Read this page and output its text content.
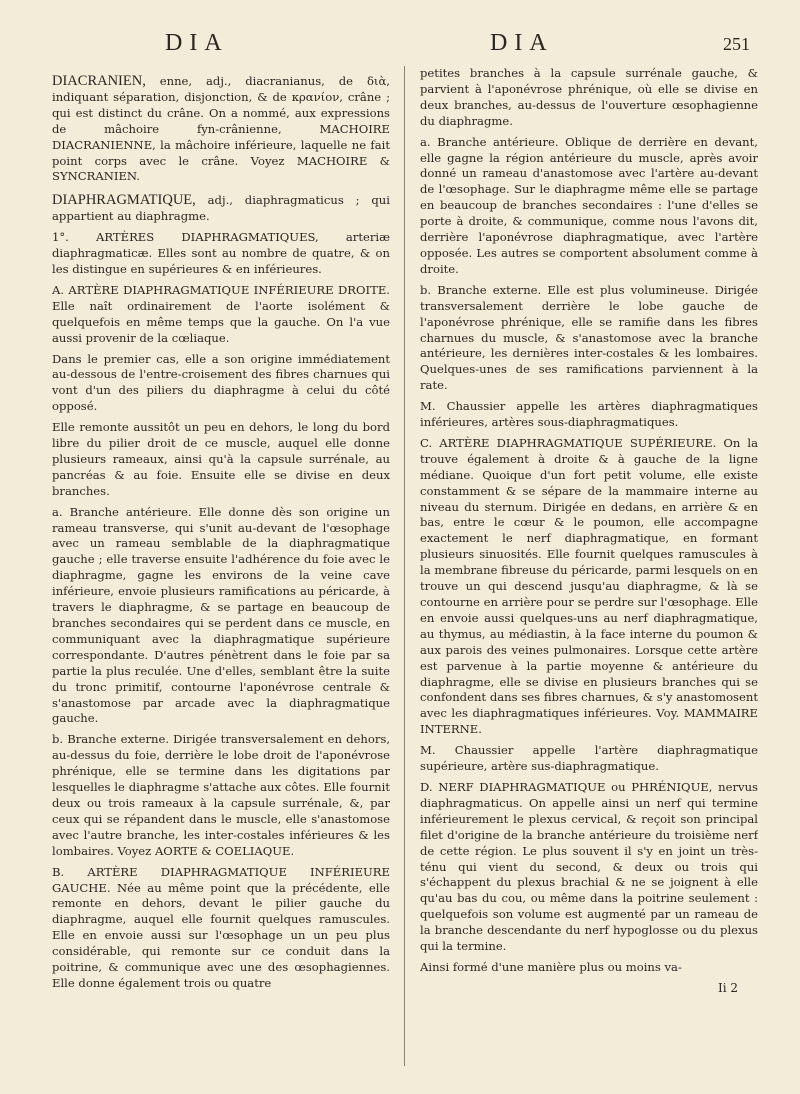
DIA	DIA	251

DIACRANIEN, enne, adj., diacranianus, de διὰ, indiquant séparation, disjonction, & de κρανίον, crâne ; qui est distinct du crâne. On a nommé, aux expressions de mâchoire fyn-crânienne, MACHOIRE DIACRANIENNE, la mâchoire inférieure, laquelle ne fait point corps avec le crâne. Voyez MACHOIRE & SYNCRANIEN.

DIAPHRAGMATIQUE, adj., diaphragmaticus ; qui appartient au diaphragme.

1°. ARTÈRES DIAPHRAGMATIQUES, arteriæ diaphragmaticæ. Elles sont au nombre de quatre, & on les distingue en supérieures & en inférieures.

A. ARTÈRE DIAPHRAGMATIQUE INFÉRIEURE DROITE. Elle naît ordinairement de l'aorte isolément & quelquefois en même temps que la gauche. On l'a vue aussi provenir de la cœliaque.

Dans le premier cas, elle a son origine immédiatement au-dessous de l'entre-croisement des fibres charnues qui vont d'un des piliers du diaphragme à celui du côté opposé.

Elle remonte aussitôt un peu en dehors, le long du bord libre du pilier droit de ce muscle, auquel elle donne plusieurs rameaux, ainsi qu'à la capsule surrénale, au pancréas & au foie. Ensuite elle se divise en deux branches.

a. Branche antérieure. Elle donne dès son origine un rameau transverse, qui s'unit au-devant de l'œsophage avec un rameau semblable de la diaphragmatique gauche ; elle traverse ensuite l'adhérence du foie avec le diaphragme, gagne les environs de la veine cave inférieure, envoie plusieurs ramifications au péricarde, à travers le diaphragme, & se partage en beaucoup de branches secondaires qui se perdent dans ce muscle, en communiquant avec la diaphragmatique supérieure correspondante. D'autres pénètrent dans le foie par sa partie la plus reculée. Une d'elles, semblant être la suite du tronc primitif, contourne l'aponévrose centrale & s'anastomose par arcade avec la diaphragmatique gauche.

b. Branche externe. Dirigée transversalement en dehors, au-dessus du foie, derrière le lobe droit de l'aponévrose phrénique, elle se termine dans les digitations par lesquelles le diaphragme s'attache aux côtes. Elle fournit deux ou trois rameaux à la capsule surrénale, &, par ceux qui se répandent dans le muscle, elle s'anastomose avec l'autre branche, les inter-costales inférieures & les lombaires. Voyez AORTE & COELIAQUE.

B. ARTÈRE DIAPHRAGMATIQUE INFÉRIEURE GAUCHE. Née au même point que la précédente, elle remonte en dehors, devant le pilier gauche du diaphragme, auquel elle fournit quelques ramuscules. Elle en envoie aussi sur l'œsophage un un peu plus considérable, qui remonte sur ce conduit dans la poitrine, & communique avec une des œsophagiennes. Elle donne également trois ou quatre

petites branches à la capsule surrénale gauche, & parvient à l'aponévrose phrénique, où elle se divise en deux branches, au-dessus de l'ouverture œsophagienne du diaphragme.

a. Branche antérieure. Oblique de derrière en devant, elle gagne la région antérieure du muscle, après avoir donné un rameau d'anastomose avec l'artère au-devant de l'œsophage. Sur le diaphragme même elle se partage en beaucoup de branches secondaires : l'une d'elles se porte à droite, & communique, comme nous l'avons dit, derrière l'aponévrose diaphragmatique, avec l'artère opposée. Les autres se comportent absolument comme à droite.

b. Branche externe. Elle est plus volumineuse. Dirigée transversalement derrière le lobe gauche de l'aponévrose phrénique, elle se ramifie dans les fibres charnues du muscle, & s'anastomose avec la branche antérieure, les dernières inter-costales & les lombaires. Quelques-unes de ses ramifications parviennent à la rate.

M. Chaussier appelle les artères diaphragmatiques inférieures, artères sous-diaphragmatiques.

C. ARTÈRE DIAPHRAGMATIQUE SUPÉRIEURE. On la trouve également à droite & à gauche de la ligne médiane. Quoique d'un fort petit volume, elle existe constamment & se sépare de la mammaire interne au niveau du sternum. Dirigée en dedans, en arrière & en bas, entre le cœur & le poumon, elle accompagne exactement le nerf diaphragmatique, en formant plusieurs sinuosités. Elle fournit quelques ramuscules à la membrane fibreuse du péricarde, parmi lesquels on en trouve un qui descend jusqu'au diaphragme, & là se contourne en arrière pour se perdre sur l'œsophage. Elle en envoie aussi quelques-uns au nerf diaphragmatique, au thymus, au médiastin, à la face interne du poumon & aux parois des veines pulmonaires. Lorsque cette artère est parvenue à la partie moyenne & antérieure du diaphragme, elle se divise en plusieurs branches qui se confondent dans ses fibres charnues, & s'y anastomosent avec les diaphragmatiques inférieures. Voy. MAMMAIRE INTERNE.

M. Chaussier appelle l'artère diaphragmatique supérieure, artère sus-diaphragmatique.

D. NERF DIAPHRAGMATIQUE ou PHRÉNIQUE, nervus diaphragmaticus. On appelle ainsi un nerf qui termine inférieurement le plexus cervical, & reçoit son principal filet d'origine de la branche antérieure du troisième nerf de cette région. Le plus souvent il s'y en joint un très-ténu qui vient du second, & deux ou trois qui s'échappent du plexus brachial & ne se joignent à elle qu'au bas du cou, ou même dans la poitrine seulement : quelquefois son volume est augmenté par un rameau de la branche descendante du nerf hypoglosse ou du plexus qui la termine.

Ainsi formé d'une manière plus ou moins va-

Ii 2
